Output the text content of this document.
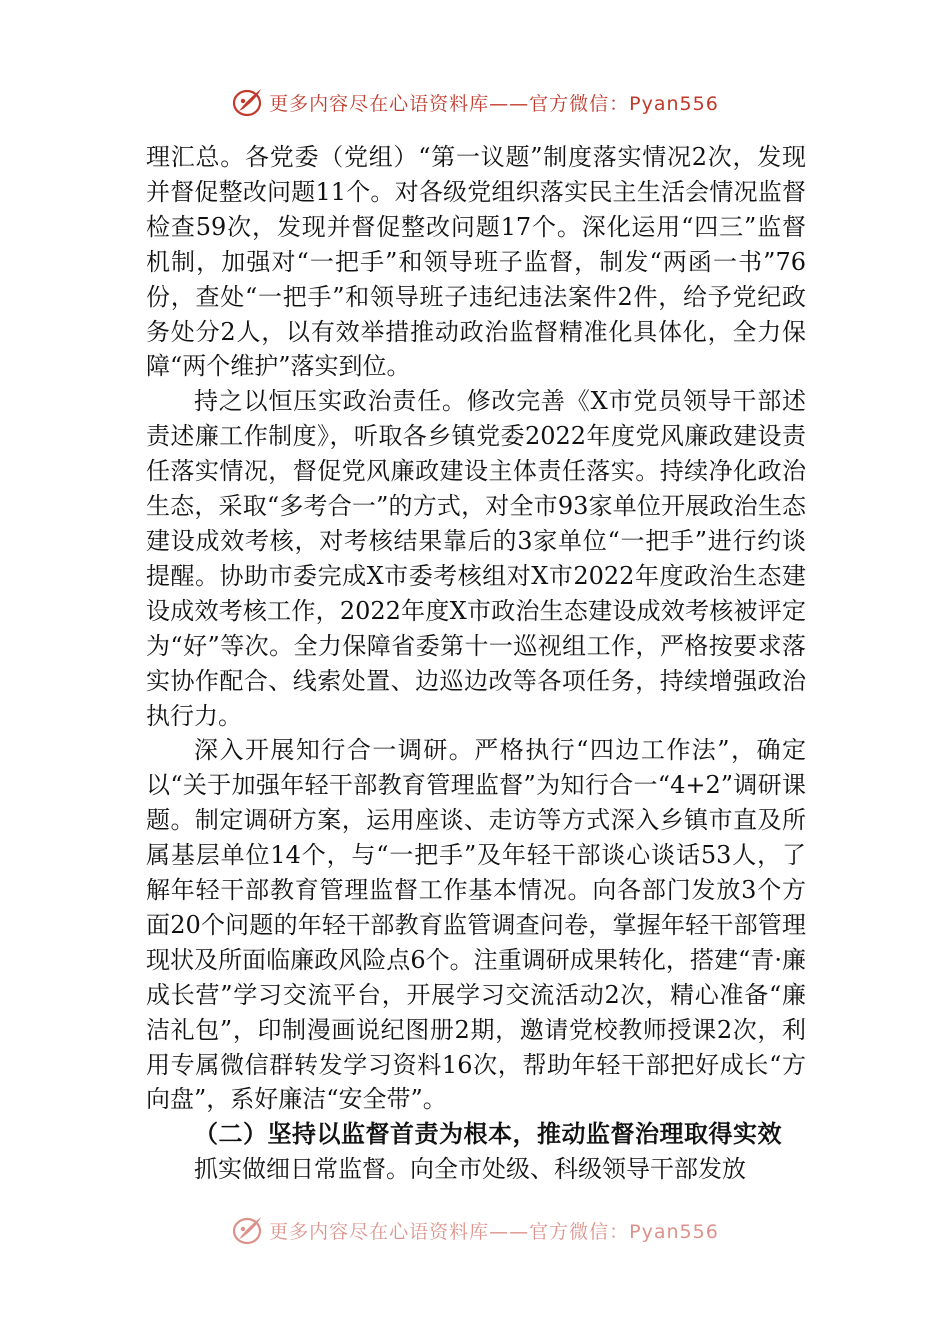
更多内容尽在心语资料库——官方微信：Pyan556

理汇总。各党委（党组）“第一议题”制度落实情况2次，发现并督促整改问题11个。对各级党组织落实民主生活会情况监督检查59次，发现并督促整改问题17个。深化运用“四三”监督机制，加强对“一把手”和领导班子监督，制发“两函一书”76份，查处“一把手”和领导班子违纪违法案件2件，给予党纪政务处分2人，以有效举措推动政治监督精准化具体化，全力保障“两个维护”落实到位。

持之以恒压实政治责任。修改完善《X市党员领导干部述责述廉工作制度》，听取各乡镇党委2022年度党风廉政建设责任落实情况，督促党风廉政建设主体责任落实。持续净化政治生态，采取“多考合一”的方式，对全市93家单位开展政治生态建设成效考核，对考核结果靠后的3家单位“一把手”进行约谈提醒。协助市委完成X市委考核组对X市2022年度政治生态建设成效考核工作，2022年度X市政治生态建设成效考核被评定为“好”等次。全力保障省委第十一巡视组工作，严格按要求落实协作配合、线索处置、边巡边改等各项任务，持续增强政治执行力。

深入开展知行合一调研。严格执行“四边工作法”，确定以“关于加强年轻干部教育管理监督”为知行合一“4+2”调研课题。制定调研方案，运用座谈、走访等方式深入乡镇市直及所属基层单位14个，与“一把手”及年轻干部谈心谈话53人，了解年轻干部教育管理监督工作基本情况。向各部门发放3个方面20个问题的年轻干部教育监管调查问卷，掌握年轻干部管理现状及所面临廉政风险点6个。注重调研成果转化，搭建“青·廉成长营”学习交流平台，开展学习交流活动2次，精心准备“廉洁礼包”，印制漫画说纪图册2期，邀请党校教师授课2次，利用专属微信群转发学习资料16次，帮助年轻干部把好成长“方向盘”，系好廉洁“安全带”。

（二）坚持以监督首责为根本，推动监督治理取得实效

抓实做细日常监督。向全市处级、科级领导干部发放

更多内容尽在心语资料库——官方微信：Pyan556
